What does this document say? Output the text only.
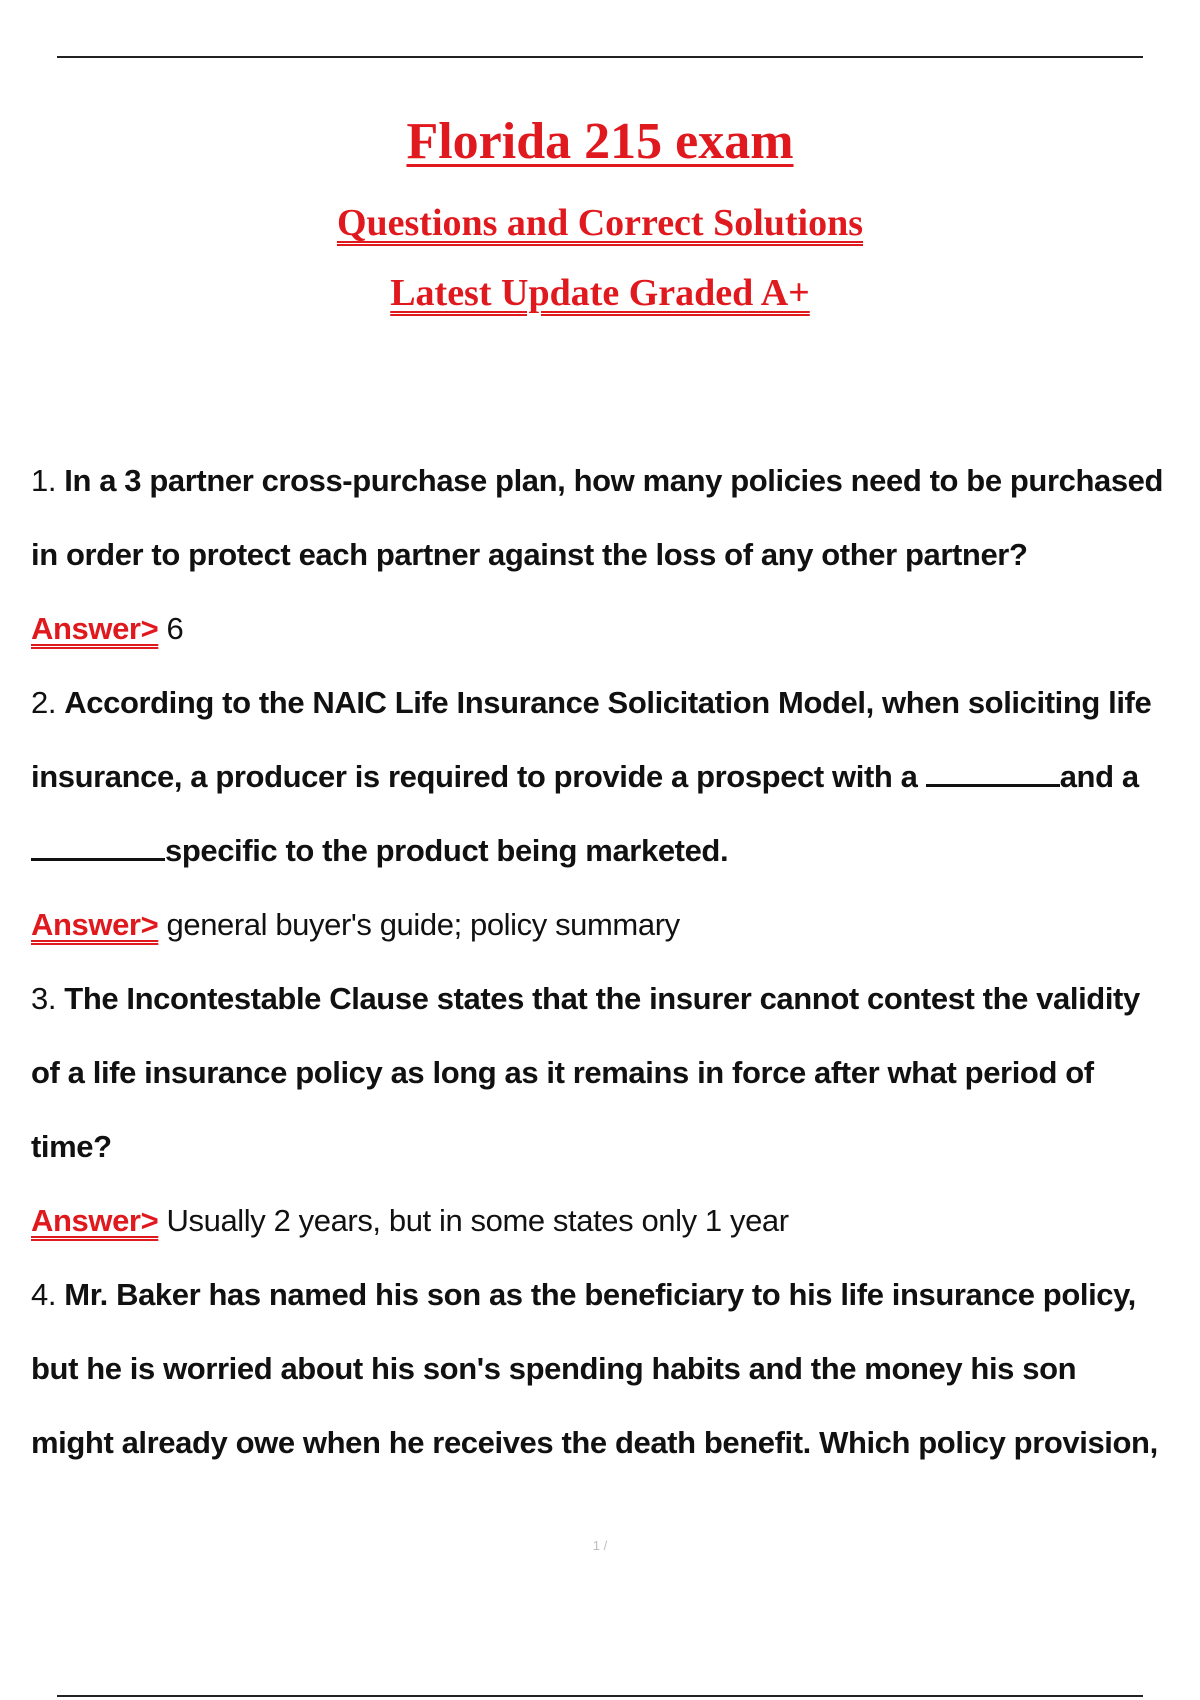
Florida 215 exam
Questions and Correct Solutions
Latest Update Graded A+
1. In a 3 partner cross-purchase plan, how many policies need to be purchased
in order to protect each partner against the loss of any other partner?
Answer> 6
2. According to the NAIC Life Insurance Solicitation Model, when soliciting life
insurance, a producer is required to provide a prospect with a	and a
specific to the product being marketed.
Answer> general buyer's guide; policy summary
3. The Incontestable Clause states that the insurer cannot contest the validity
of a life insurance policy as long as it remains in force after what period of
time?
Answer> Usually 2 years, but in some states only 1 year
4. Mr. Baker has named his son as the beneficiary to his life insurance policy,
but he is worried about his son's spending habits and the money his son
might already owe when he receives the death benefit. Which policy provision,
1 /
